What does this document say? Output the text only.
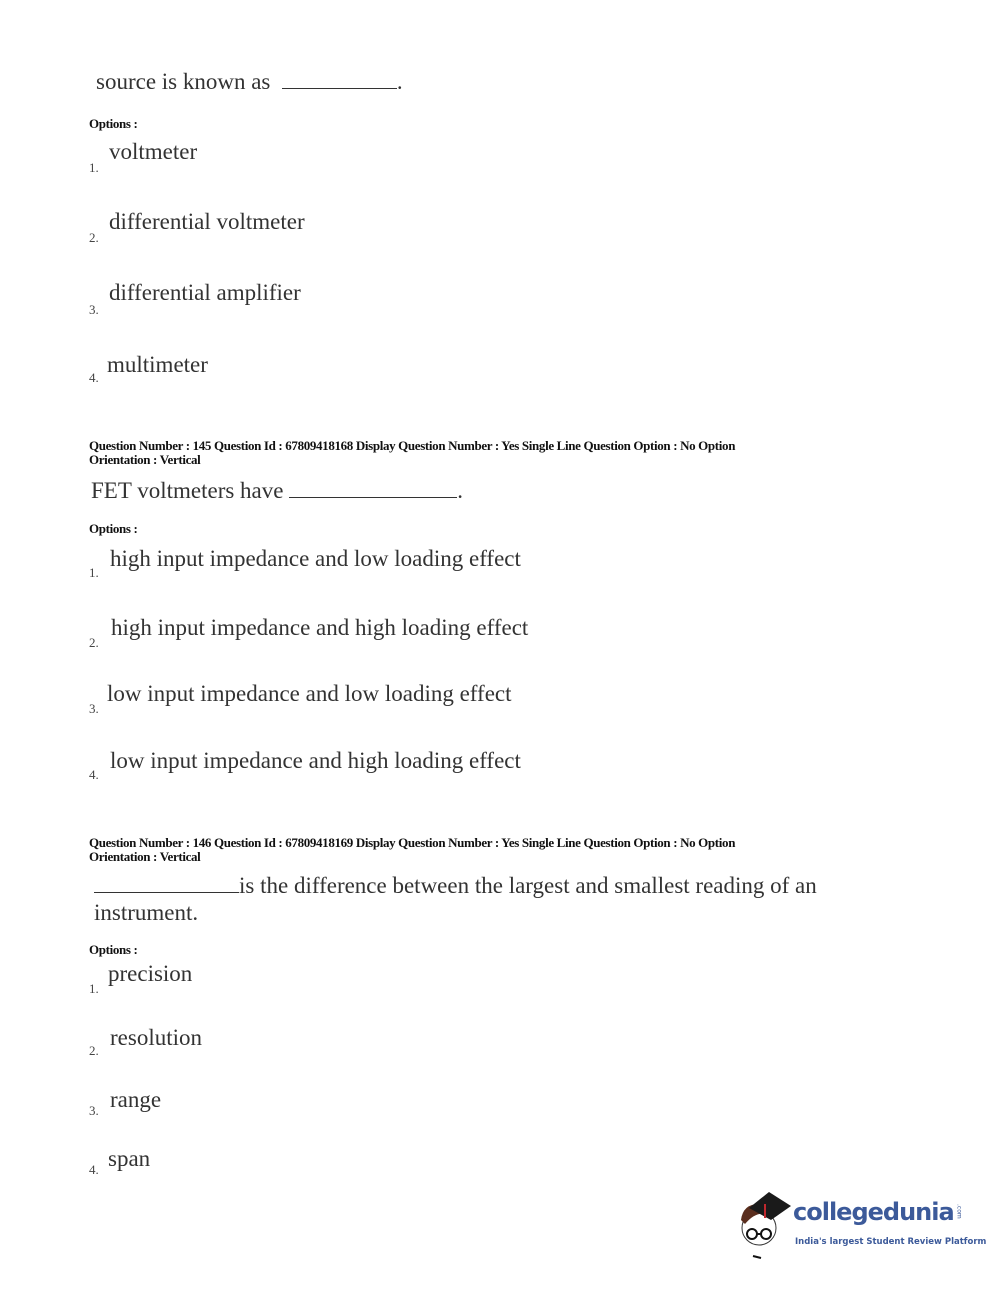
source is known as	.
Options :
voltmeter
1.
differential voltmeter
2.
differential amplifier
3.
multimeter
4.
Question Number : 145 Question Id : 67809418168 Display Question Number : Yes Single Line Question Option : No Option
Orientation : Vertical
FET voltmeters have	.
Options :
high input impedance and low loading effect
1.
high input impedance and high loading effect
2.
low input impedance and low loading effect
3.
low input impedance and high loading effect
4.
Question Number : 146 Question Id : 67809418169 Display Question Number : Yes Single Line Question Option : No Option
Orientation : Vertical
is the difference between the largest and smallest reading of an
instrument.
Options :
precision
1.
resolution
2.
range
3.
span
4.
collegedunia .com
India's largest Student Review Platform
